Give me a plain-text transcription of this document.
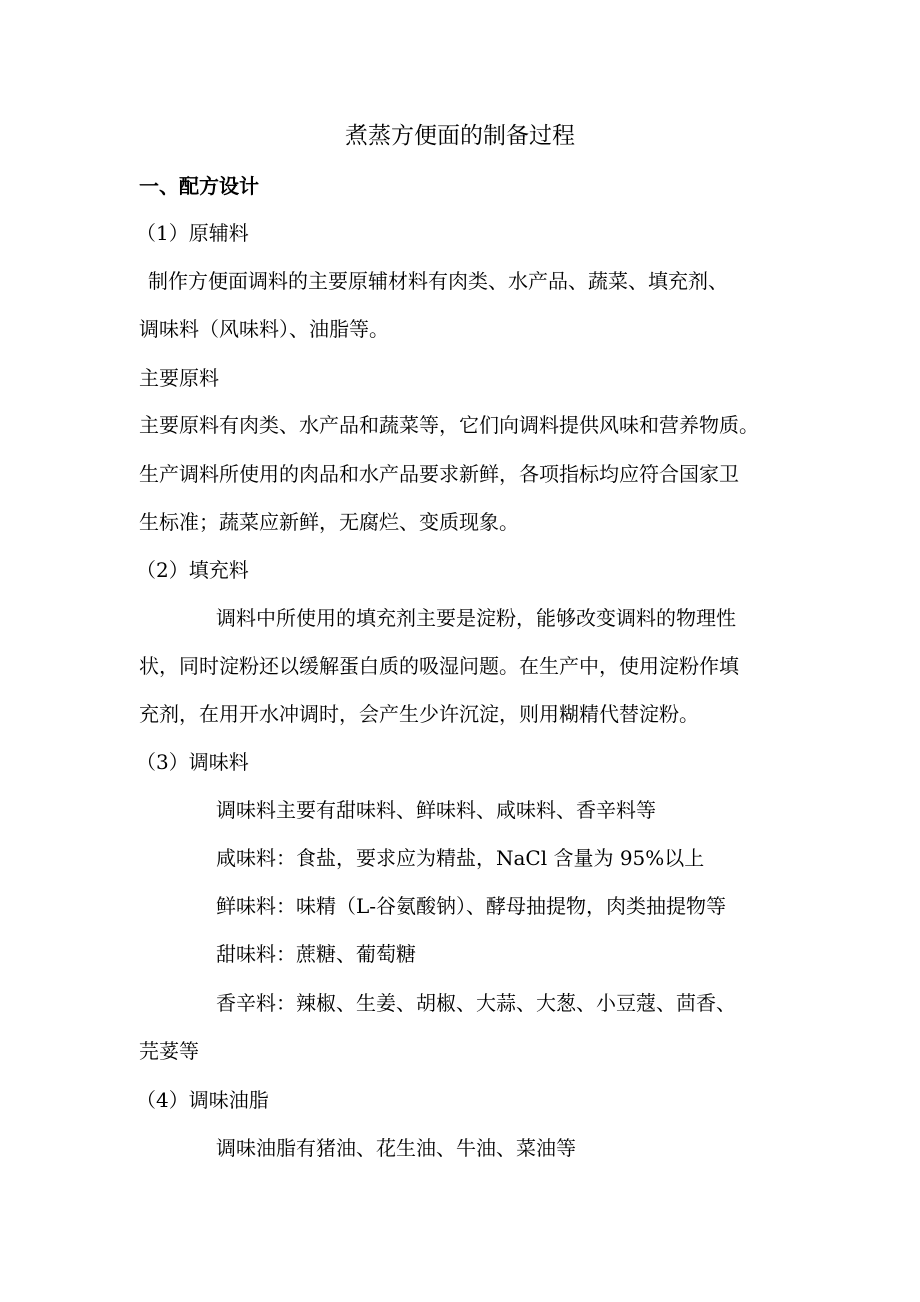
煮蒸方便面的制备过程
一、配方设计
（1）原辅料
制作方便面调料的主要原辅材料有肉类、水产品、蔬菜、填充剂、
调味料（风味料）、油脂等。
主要原料
主要原料有肉类、水产品和蔬菜等，它们向调料提供风味和营养物质。
生产调料所使用的肉品和水产品要求新鲜，各项指标均应符合国家卫
生标准；蔬菜应新鲜，无腐烂、变质现象。
（2）填充料
调料中所使用的填充剂主要是淀粉，能够改变调料的物理性
状，同时淀粉还以缓解蛋白质的吸湿问题。在生产中，使用淀粉作填
充剂，在用开水冲调时，会产生少许沉淀，则用糊精代替淀粉。
（3）调味料
调味料主要有甜味料、鲜味料、咸味料、香辛料等
咸味料：食盐，要求应为精盐，NaCl 含量为 95%以上
鲜味料：味精（L-谷氨酸钠）、酵母抽提物，肉类抽提物等
甜味料：蔗糖、葡萄糖
香辛料：辣椒、生姜、胡椒、大蒜、大葱、小豆蔻、茴香、
芫荽等
（4）调味油脂
调味油脂有猪油、花生油、牛油、菜油等
